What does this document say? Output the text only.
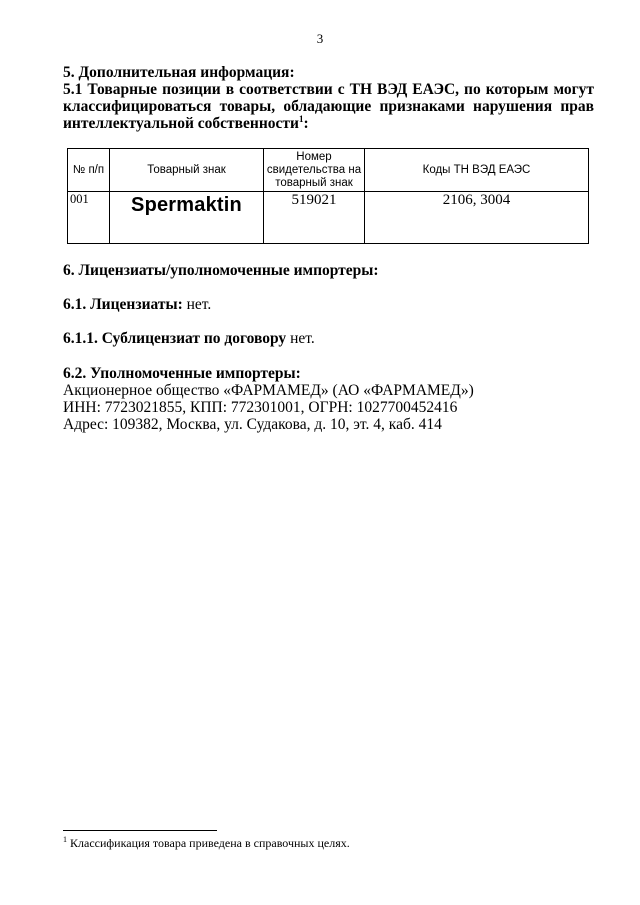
3
5. Дополнительная информация:
5.1 Товарные позиции в соответствии с ТН ВЭД ЕАЭС, по которым могут классифицироваться товары, обладающие признаками нарушения прав интеллектуальной собственности$^1$:
№ п/п	Товарный знак	Номер свидетельства на товарный знак	Коды ТН ВЭД ЕАЭС
001	Spermaktin	519021	2106, 3004
6. Лицензиаты/уполномоченные импортеры:
6.1. Лицензиаты: нет.
6.1.1. Сублицензиат по договору нет.
6.2. Уполномоченные импортеры:
Акционерное общество «ФАРМАМЕД» (АО «ФАРМАМЕД»)
ИНН: 7723021855, КПП: 772301001, ОГРН: 1027700452416
Адрес: 109382, Москва, ул. Судакова, д. 10, эт. 4, каб. 414
$^1$ Классификация товара приведена в справочных целях.
